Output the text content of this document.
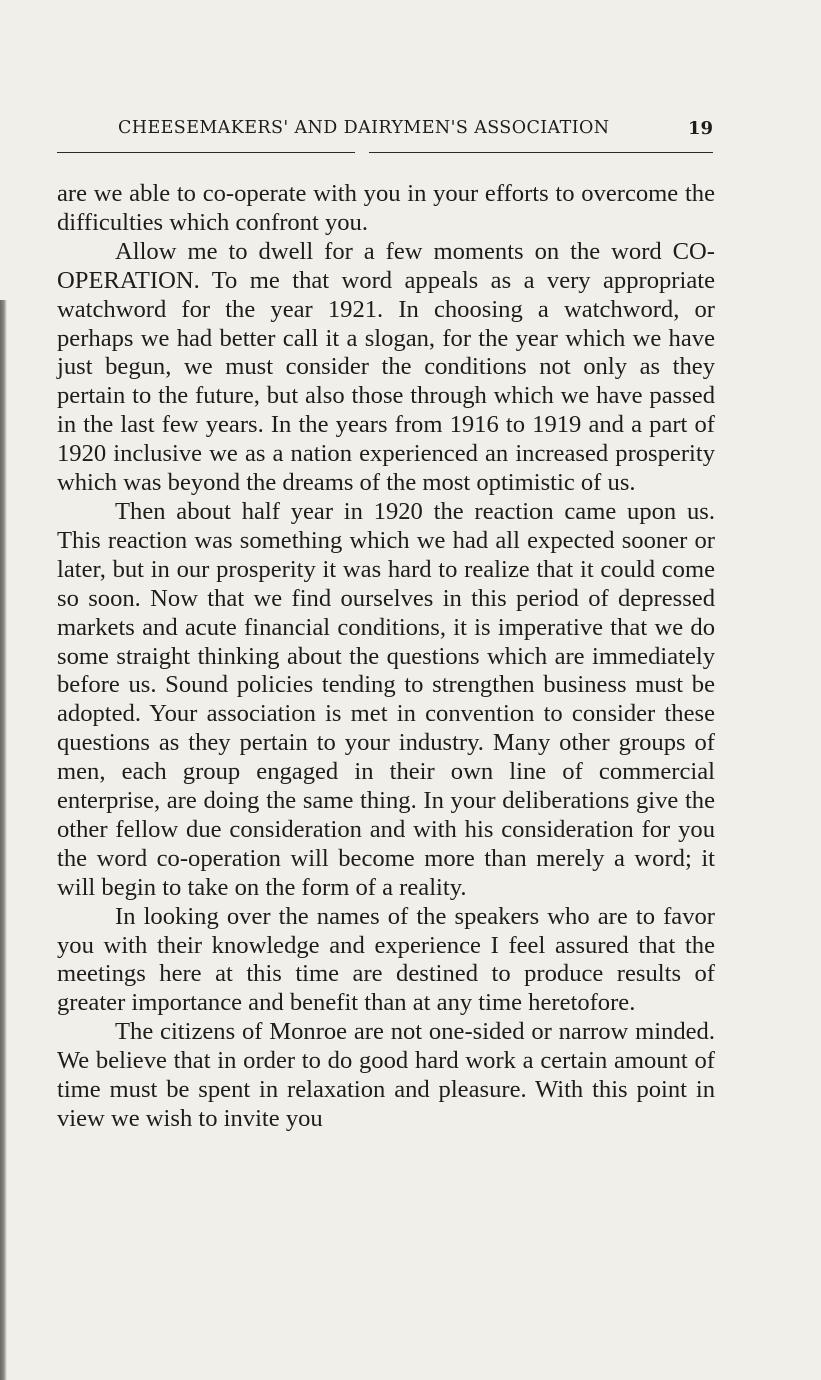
CHEESEMAKERS' AND DAIRYMEN'S ASSOCIATION	19

are we able to co-operate with you in your efforts to overcome the difficulties which confront you.

Allow me to dwell for a few moments on the word CO-OPERATION. To me that word appeals as a very appropriate watchword for the year 1921. In choosing a watchword, or perhaps we had better call it a slogan, for the year which we have just begun, we must consider the conditions not only as they pertain to the future, but also those through which we have passed in the last few years. In the years from 1916 to 1919 and a part of 1920 inclusive we as a nation experienced an increased prosperity which was beyond the dreams of the most optimistic of us.

Then about half year in 1920 the reaction came upon us. This reaction was something which we had all expected sooner or later, but in our prosperity it was hard to realize that it could come so soon. Now that we find ourselves in this period of depressed markets and acute financial conditions, it is imperative that we do some straight thinking about the questions which are immediately before us. Sound policies tending to strengthen business must be adopted. Your association is met in convention to consider these questions as they pertain to your industry. Many other groups of men, each group engaged in their own line of commercial enterprise, are doing the same thing. In your deliberations give the other fellow due consideration and with his consideration for you the word co-operation will become more than merely a word; it will begin to take on the form of a reality.

In looking over the names of the speakers who are to favor you with their knowledge and experience I feel assured that the meetings here at this time are destined to produce results of greater importance and benefit than at any time heretofore.

The citizens of Monroe are not one-sided or narrow minded. We believe that in order to do good hard work a certain amount of time must be spent in relaxation and pleasure. With this point in view we wish to invite you
